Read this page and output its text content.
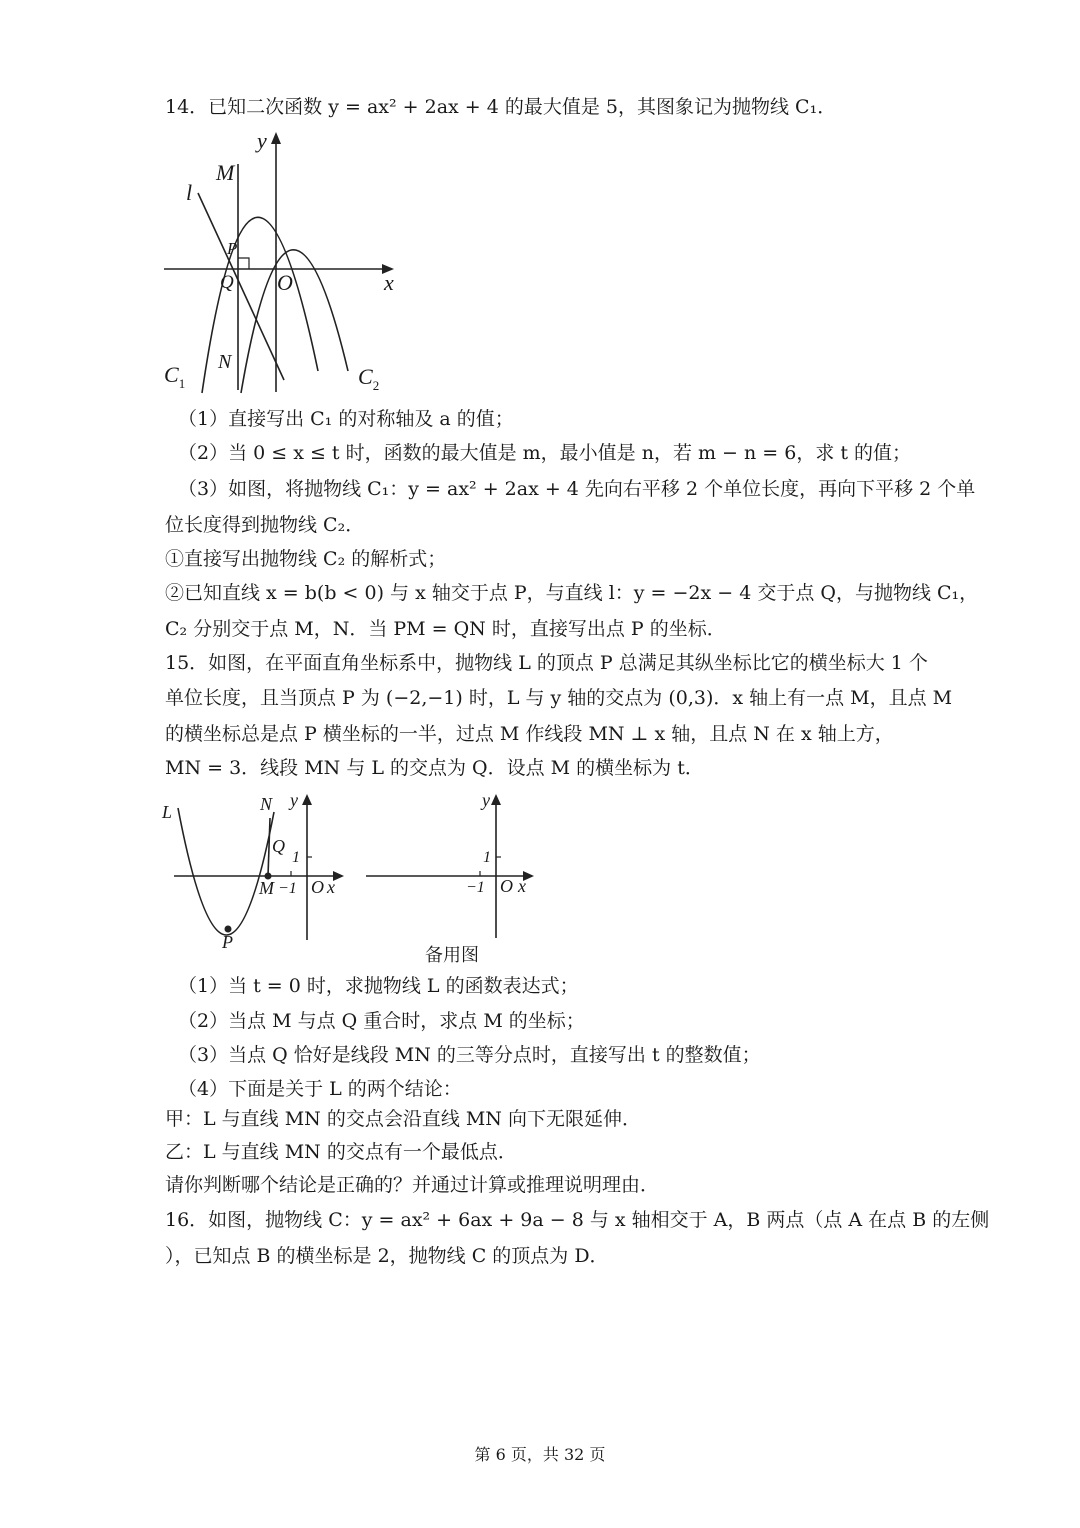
14．已知二次函数 y = ax² + 2ax + 4 的最大值是 5，其图象记为抛物线 C₁．
y
x
M
l
P
Q O
N
$C_1$	$C_2$
（1）直接写出 C₁ 的对称轴及 a 的值；
（2）当 0 ≤ x ≤ t 时，函数的最大值是 m，最小值是 n，若 m − n = 6，求 t 的值；
（3）如图，将抛物线 C₁：y = ax² + 2ax + 4 先向右平移 2 个单位长度，再向下平移 2 个单
位长度得到抛物线 C₂．
①直接写出抛物线 C₂ 的解析式；
②已知直线 x = b(b < 0) 与 x 轴交于点 P，与直线 l：y = −2x − 4 交于点 Q，与抛物线 C₁，
C₂ 分别交于点 M，N．当 PM = QN 时，直接写出点 P 的坐标．
15．如图，在平面直角坐标系中，抛物线 L 的顶点 P 总满足其纵坐标比它的横坐标大 1 个
单位长度，且当顶点 P 为 (−2,−1) 时，L 与 y 轴的交点为 (0,3)．x 轴上有一点 M，且点 M
的横坐标总是点 P 横坐标的一半，过点 M 作线段 MN ⊥ x 轴，且点 N 在 x 轴上方，
MN = 3．线段 MN 与 L 的交点为 Q．设点 M 的横坐标为 t．
L	N y
Q
1
M −1 O x
P
y
1
−1 O x
备用图
（1）当 t = 0 时，求抛物线 L 的函数表达式；
（2）当点 M 与点 Q 重合时，求点 M 的坐标；
（3）当点 Q 恰好是线段 MN 的三等分点时，直接写出 t 的整数值；
（4）下面是关于 L 的两个结论：
甲：L 与直线 MN 的交点会沿直线 MN 向下无限延伸．
乙：L 与直线 MN 的交点有一个最低点．
请你判断哪个结论是正确的？并通过计算或推理说明理由．
16．如图，抛物线 C：y = ax² + 6ax + 9a − 8 与 x 轴相交于 A，B 两点（点 A 在点 B 的左侧
），已知点 B 的横坐标是 2，抛物线 C 的顶点为 D．
第 6 页，共 32 页
